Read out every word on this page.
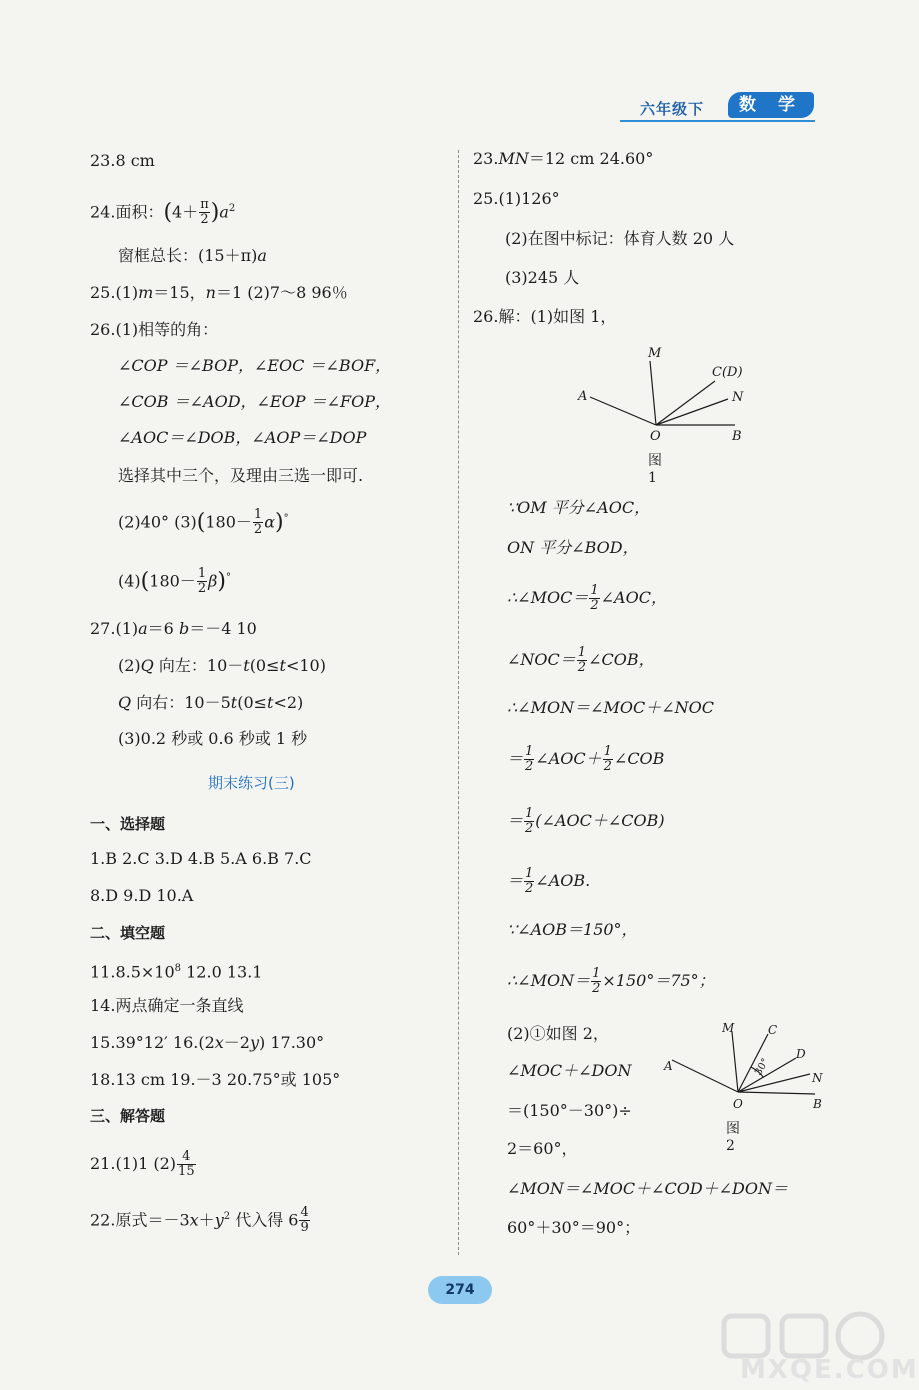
六年级下	数 学
23.8 cm
24.面积：$(4+ \frac{\pi}{2} )a^2$
窗框总长：(15＋π)a
25.(1)m＝15，n＝1 (2)7～8 96％
26.(1)相等的角：
∠COP ＝∠BOP，∠EOC ＝∠BOF，
∠COB ＝∠AOD，∠EOP ＝∠FOP，
∠AOC＝∠DOB，∠AOP＝∠DOP
选择其中三个，及理由三选一即可.
(2)40° $(3)(180- \frac{1}{2} \alpha)^\circ$
$(4)(180- \frac{1}{2} \beta)^\circ$
27.(1)a＝6 b＝－4 10
(2)Q 向左：10－t(0≤t<10)
Q 向右：10－5t(0≤t<2)
(3)0.2 秒或 0.6 秒或 1 秒
期末练习(三)
一、选择题
1.B 2.C 3.D 4.B 5.A 6.B 7.C
8.D 9.D 10.A
二、填空题
$11.8.5\times 10^8$ 12.0 13.1
14.两点确定一条直线
15.39°12′ 16.(2x－2y) 17.30°
18.13 cm 19.－3 20.75°或 105°
三、解答题
21.(1)1 $(2) \frac{4}{15}$
22.原式$=-3x+y^2$ 代入得 $6 \frac{4}{9}$
23.MN＝12 cm 24.60°
25.(1)126°
(2)在图中标记：体育人数 20 人
(3)245 人
26.解：(1)如图 1，
M
C(D)
A	N
O	B
图 1
∵OM 平分∠AOC，
ON 平分∠BOD，
∴∠MOC＝ $\frac{1}{2}$ ∠AOC，
∠NOC＝ $\frac{1}{2}$ ∠COB，
∴∠MON＝∠MOC＋∠NOC
＝ $\frac{1}{2}$ ∠AOC＋ $\frac{1}{2}$ ∠COB
＝ $\frac{1}{2}$ (∠AOC＋∠COB)
＝ $\frac{1}{2}$ ∠AOB.
∵∠AOB＝150°，
∴∠MON＝ $\frac{1}{2} \times 150^\circ=75^\circ$；
(2)①如图 2，
∠MOC＋∠DON
＝(150°－30°)÷
2＝60°，
M	C
D
A
N
O	B
30°
图 2
∠MON＝∠MOC＋∠COD＋∠DON＝
60°＋30°＝90°；
274
MXQE.COM
